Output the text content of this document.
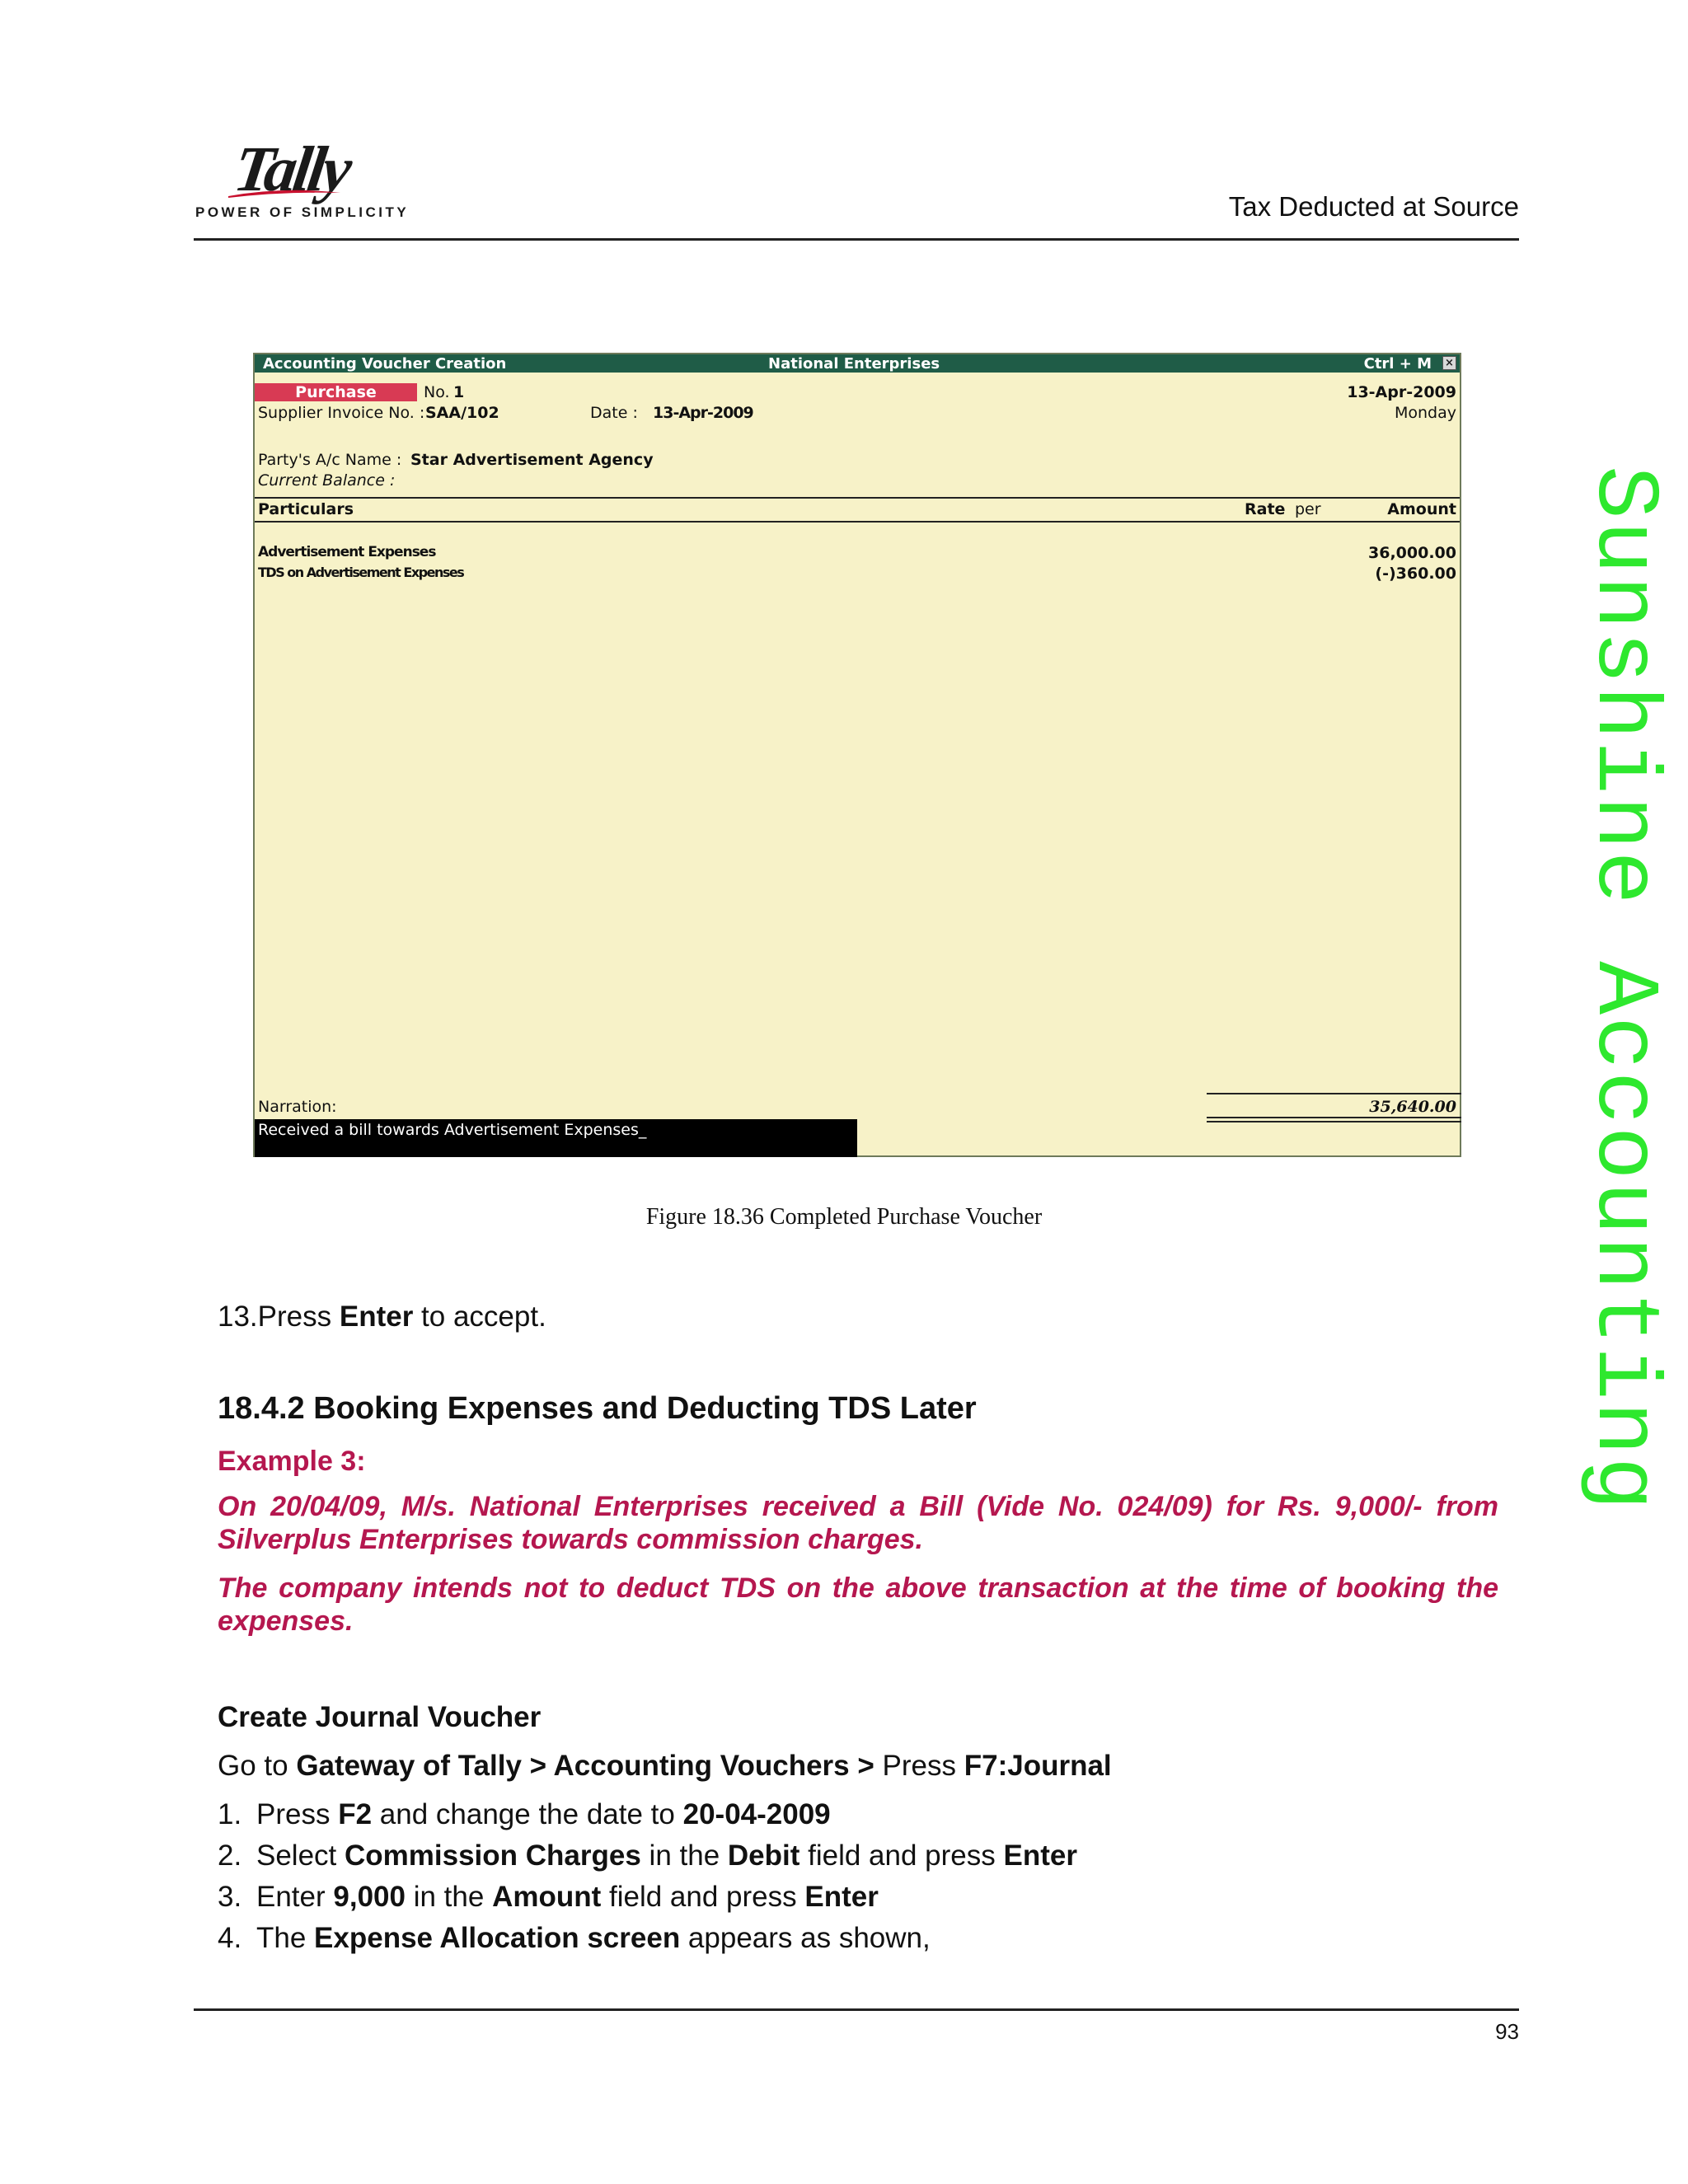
Tally
POWER OF SIMPLICITY	Tax Deducted at Source
Sunshine Accounting
Accounting Voucher Creation	National Enterprises	Ctrl + M ×
Purchase	No. 1	13-Apr-2009
Monday
Supplier Invoice No. : SAA/102	Date : 13-Apr-2009
Party's A/c Name : Star Advertisement Agency
Current Balance :
Particulars	Rate per	Amount
Advertisement Expenses	36,000.00
TDS on Advertisement Expenses	(-)360.00
Narration:	35,640.00
Received a bill towards Advertisement Expenses_
Figure 18.36 Completed Purchase Voucher
13.Press Enter to accept.
18.4.2 Booking Expenses and Deducting TDS Later
Example 3:
On 20/04/09, M/s. National Enterprises received a Bill (Vide No. 024/09) for Rs. 9,000/- from Silverplus Enterprises towards commission charges.
The company intends not to deduct TDS on the above transaction at the time of booking the expenses.
Create Journal Voucher
Go to Gateway of Tally > Accounting Vouchers > Press F7:Journal
1. Press F2 and change the date to 20-04-2009
2. Select Commission Charges in the Debit field and press Enter
3. Enter 9,000 in the Amount field and press Enter
4. The Expense Allocation screen appears as shown,
93
